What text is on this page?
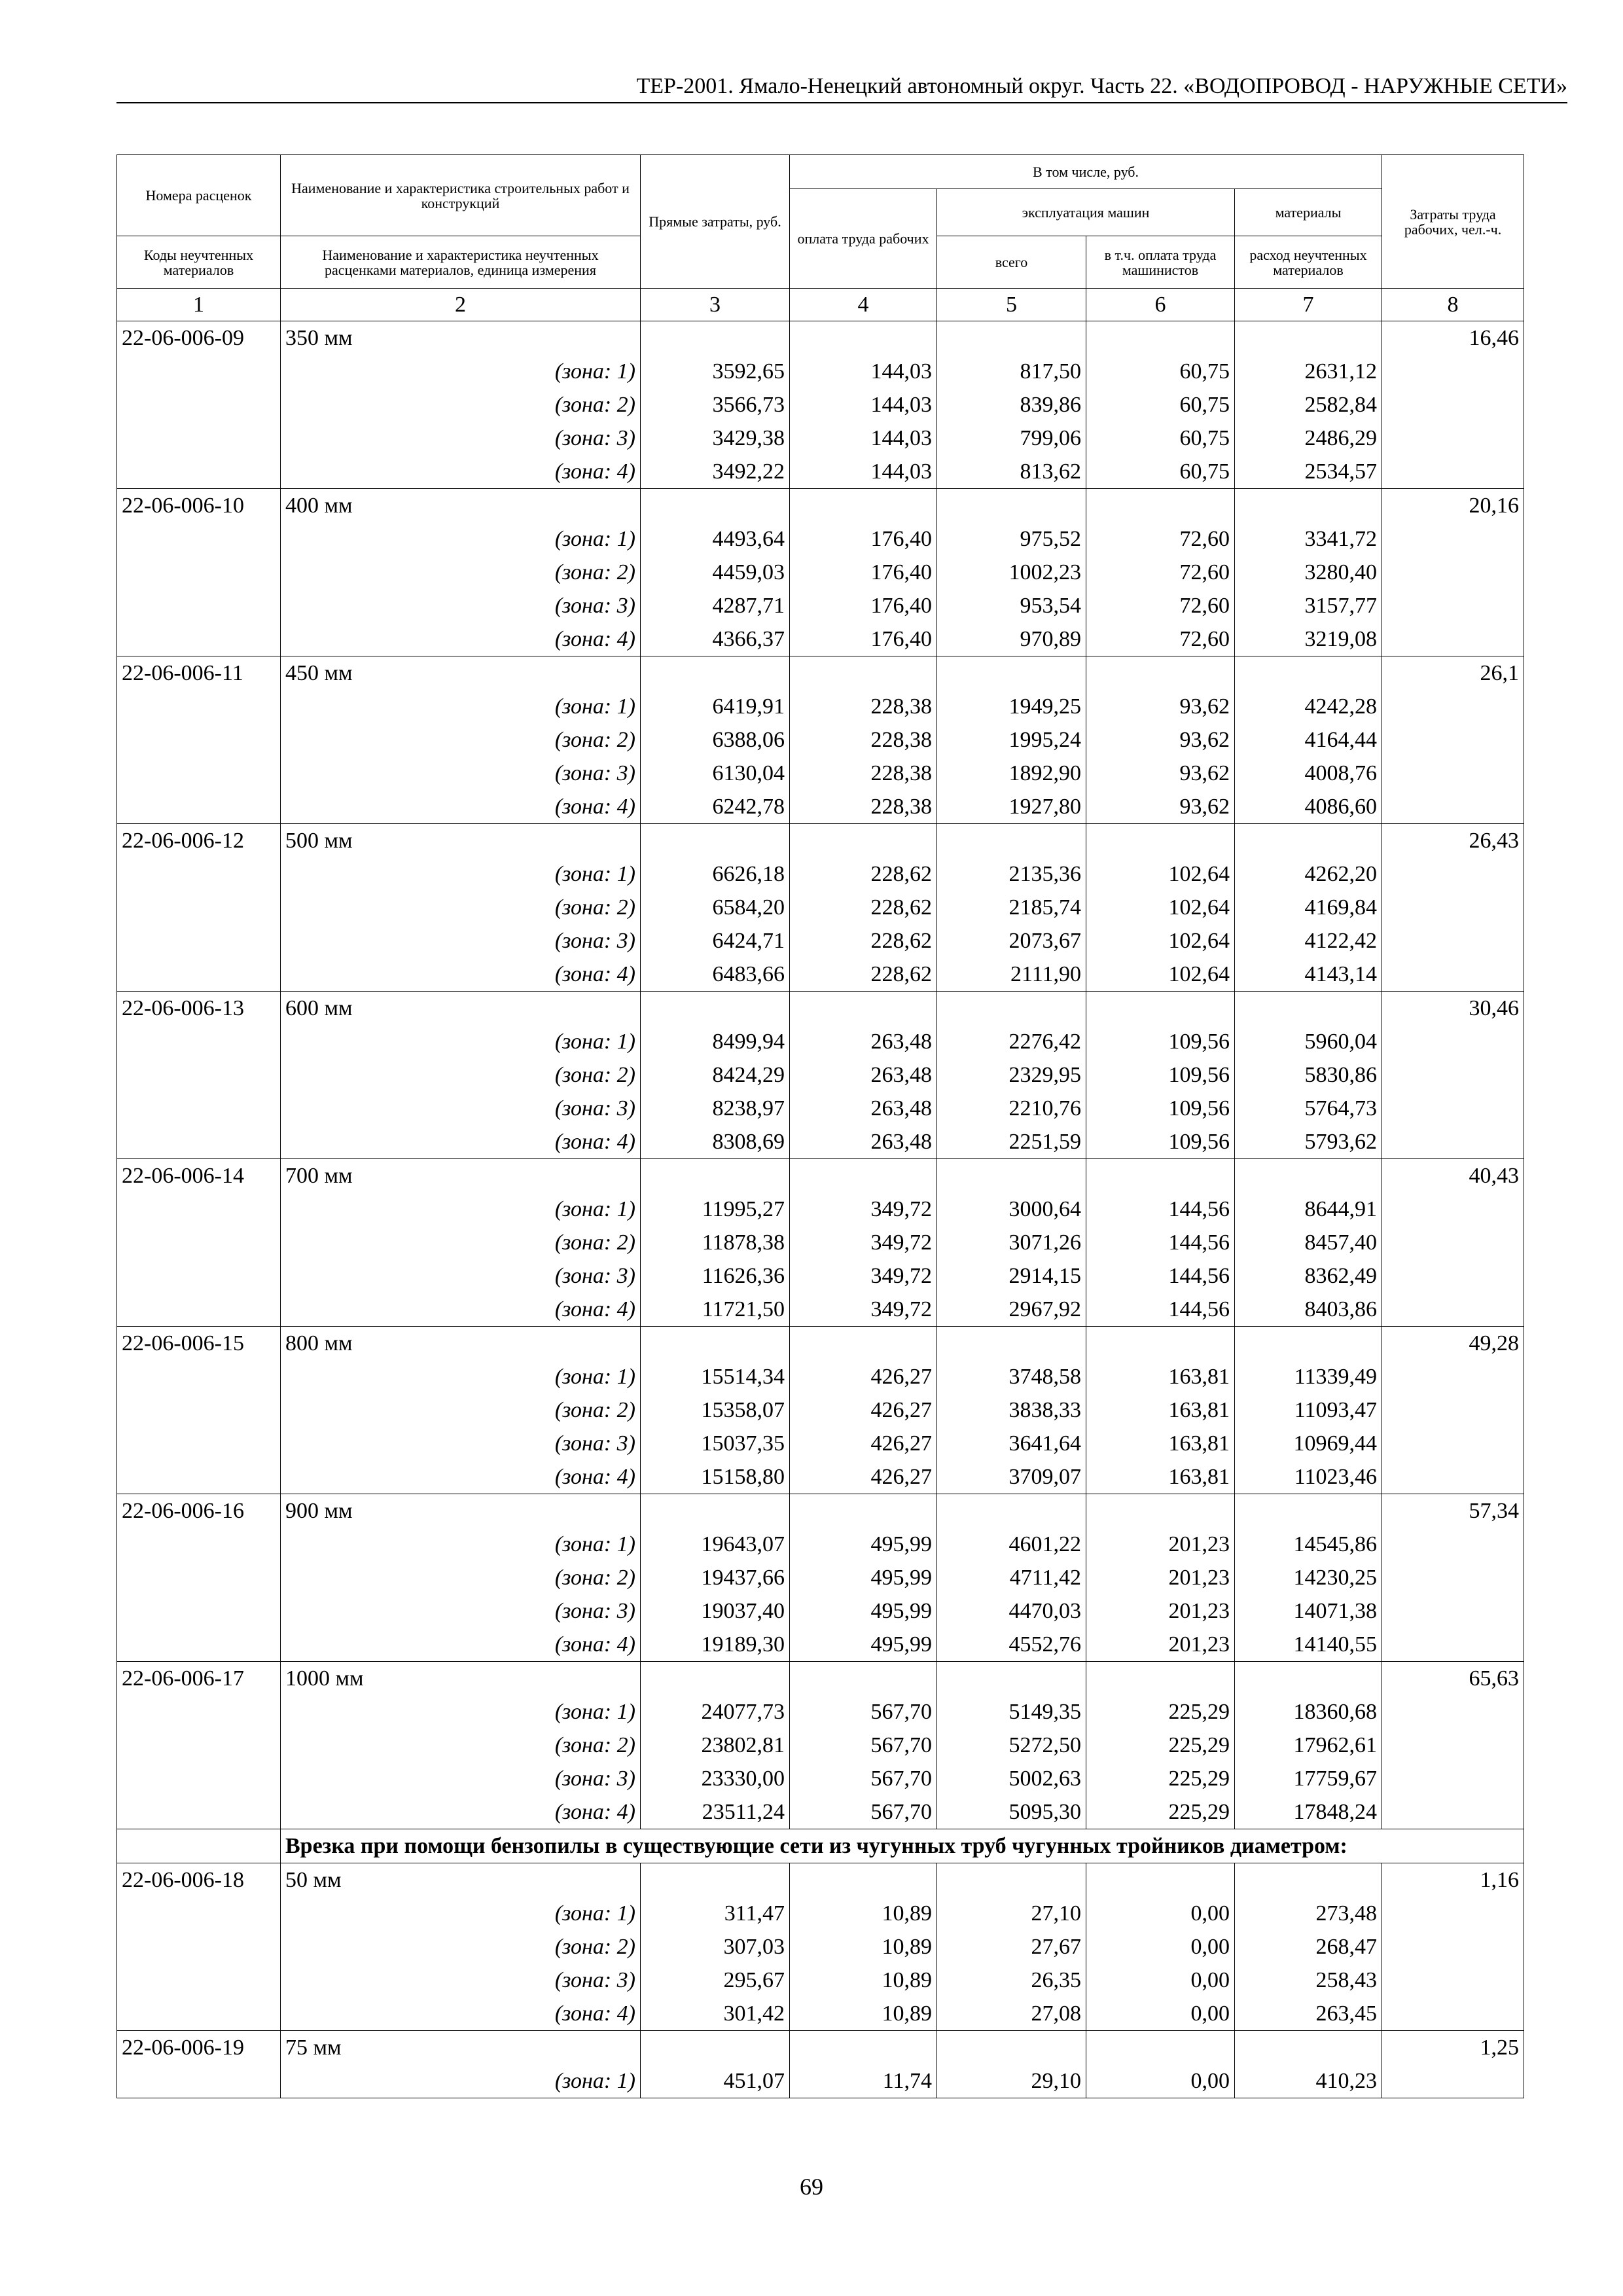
ТЕР-2001. Ямало-Ненецкий автономный округ. Часть 22. «ВОДОПРОВОД - НАРУЖНЫЕ СЕТИ»
Номера расценок	Наименование и характеристика строительных работ и конструкций	Прямые затраты, руб.	В том числе, руб.				Затраты труда рабочих, чел.-ч.
			оплата труда рабочих	эксплуатация машин		материалы	
Коды неучтенных материалов	Наименование и характеристика неучтенных расценками материалов, единица измерения			всего	в т.ч. оплата труда машинистов	расход неучтенных материалов	

1	2	3	4	5	6	7	8
22-06-006-09	350 мм						16,46
	(зона: 1)	3592,65	144,03	817,50	60,75	2631,12	
	(зона: 2)	3566,73	144,03	839,86	60,75	2582,84	
	(зона: 3)	3429,38	144,03	799,06	60,75	2486,29	
	(зона: 4)	3492,22	144,03	813,62	60,75	2534,57	
22-06-006-10	400 мм						20,16
	(зона: 1)	4493,64	176,40	975,52	72,60	3341,72	
	(зона: 2)	4459,03	176,40	1002,23	72,60	3280,40	
	(зона: 3)	4287,71	176,40	953,54	72,60	3157,77	
	(зона: 4)	4366,37	176,40	970,89	72,60	3219,08	
22-06-006-11	450 мм						26,1
	(зона: 1)	6419,91	228,38	1949,25	93,62	4242,28	
	(зона: 2)	6388,06	228,38	1995,24	93,62	4164,44	
	(зона: 3)	6130,04	228,38	1892,90	93,62	4008,76	
	(зона: 4)	6242,78	228,38	1927,80	93,62	4086,60	
22-06-006-12	500 мм						26,43
	(зона: 1)	6626,18	228,62	2135,36	102,64	4262,20	
	(зона: 2)	6584,20	228,62	2185,74	102,64	4169,84	
	(зона: 3)	6424,71	228,62	2073,67	102,64	4122,42	
	(зона: 4)	6483,66	228,62	2111,90	102,64	4143,14	
22-06-006-13	600 мм						30,46
	(зона: 1)	8499,94	263,48	2276,42	109,56	5960,04	
	(зона: 2)	8424,29	263,48	2329,95	109,56	5830,86	
	(зона: 3)	8238,97	263,48	2210,76	109,56	5764,73	
	(зона: 4)	8308,69	263,48	2251,59	109,56	5793,62	
22-06-006-14	700 мм						40,43
	(зона: 1)	11995,27	349,72	3000,64	144,56	8644,91	
	(зона: 2)	11878,38	349,72	3071,26	144,56	8457,40	
	(зона: 3)	11626,36	349,72	2914,15	144,56	8362,49	
	(зона: 4)	11721,50	349,72	2967,92	144,56	8403,86	
22-06-006-15	800 мм						49,28
	(зона: 1)	15514,34	426,27	3748,58	163,81	11339,49	
	(зона: 2)	15358,07	426,27	3838,33	163,81	11093,47	
	(зона: 3)	15037,35	426,27	3641,64	163,81	10969,44	
	(зона: 4)	15158,80	426,27	3709,07	163,81	11023,46	
22-06-006-16	900 мм						57,34
	(зона: 1)	19643,07	495,99	4601,22	201,23	14545,86	
	(зона: 2)	19437,66	495,99	4711,42	201,23	14230,25	
	(зона: 3)	19037,40	495,99	4470,03	201,23	14071,38	
	(зона: 4)	19189,30	495,99	4552,76	201,23	14140,55	
22-06-006-17	1000 мм						65,63
	(зона: 1)	24077,73	567,70	5149,35	225,29	18360,68	
	(зона: 2)	23802,81	567,70	5272,50	225,29	17962,61	
	(зона: 3)	23330,00	567,70	5002,63	225,29	17759,67	
	(зона: 4)	23511,24	567,70	5095,30	225,29	17848,24	
	Врезка при помощи бензопилы в существующие сети из чугунных труб чугунных тройников диаметром:						
22-06-006-18	50 мм						1,16
	(зона: 1)	311,47	10,89	27,10	0,00	273,48	
	(зона: 2)	307,03	10,89	27,67	0,00	268,47	
	(зона: 3)	295,67	10,89	26,35	0,00	258,43	
	(зона: 4)	301,42	10,89	27,08	0,00	263,45	
22-06-006-19	75 мм						1,25
	(зона: 1)	451,07	11,74	29,10	0,00	410,23	
69
